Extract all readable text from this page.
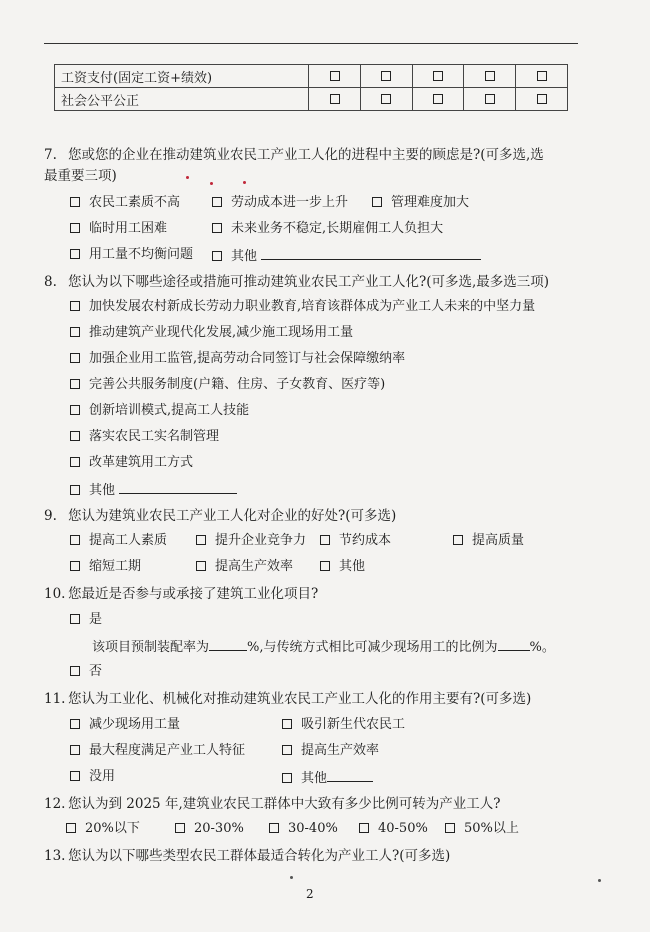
工资支付(固定工资+绩效)					
社会公平公正					
7. 您或您的企业在推动建筑业农民工产业工人化的进程中主要的顾虑是?(可多选,选
最重要三项)
农民工素质不高	劳动成本进一步上升	管理难度加大
临时用工困难	未来业务不稳定,长期雇佣工人负担大
用工量不均衡问题	其他
8. 您认为以下哪些途径或措施可推动建筑业农民工产业工人化?(可多选,最多选三项)
加快发展农村新成长劳动力职业教育,培育该群体成为产业工人未来的中坚力量
推动建筑产业现代化发展,减少施工现场用工量
加强企业用工监管,提高劳动合同签订与社会保障缴纳率
完善公共服务制度(户籍、住房、子女教育、医疗等)
创新培训模式,提高工人技能
落实农民工实名制管理
改革建筑用工方式
其他
9. 您认为建筑业农民工产业工人化对企业的好处?(可多选)
提高工人素质	提升企业竞争力	节约成本	提高质量
缩短工期	提高生产效率	其他
10. 您最近是否参与或承接了建筑工业化项目?
是
该项目预制装配率为	%,与传统方式相比可减少现场用工的比例为 %。
否
11. 您认为工业化、机械化对推动建筑业农民工产业工人化的作用主要有?(可多选)
减少现场用工量	吸引新生代农民工
最大程度满足产业工人特征	提高生产效率
没用	其他
12. 您认为到 2025 年,建筑业农民工群体中大致有多少比例可转为产业工人?
20%以下	20-30%	30-40%	40-50%	50%以上
13. 您认为以下哪些类型农民工群体最适合转化为产业工人?(可多选)
2
